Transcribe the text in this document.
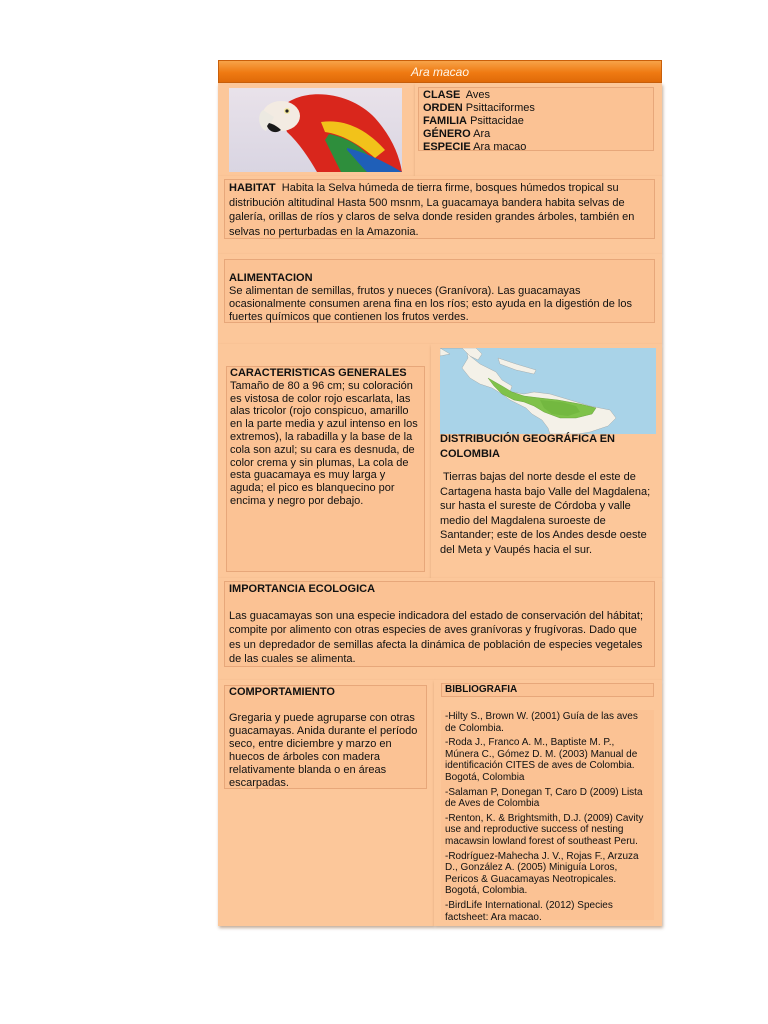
Ara macao
CLASE Aves
ORDEN Psittaciformes
FAMILIA Psittacidae
GÉNERO Ara
ESPECIE Ara macao
HABITAT Habita la Selva húmeda de tierra firme, bosques húmedos tropical su distribución altitudinal Hasta 500 msnm, La guacamaya bandera habita selvas de galería, orillas de ríos y claros de selva donde residen grandes árboles, también en selvas no perturbadas en la Amazonia.
ALIMENTACION
Se alimentan de semillas, frutos y nueces (Granívora). Las guacamayas ocasionalmente consumen arena fina en los ríos; esto ayuda en la digestión de los fuertes químicos que contienen los frutos verdes.
CARACTERISTICAS GENERALES
Tamaño de 80 a 96 cm; su coloración es vistosa de color rojo escarlata, las alas tricolor (rojo conspicuo, amarillo en la parte media y azul intenso en los extremos), la rabadilla y la base de la cola son azul; su cara es desnuda, de color crema y sin plumas, La cola de esta guacamaya es muy larga y aguda; el pico es blanquecino por encima y negro por debajo.
DISTRIBUCIÓN GEOGRÁFICA EN COLOMBIA
Tierras bajas del norte desde el este de Cartagena hasta bajo Valle del Magdalena; sur hasta el sureste de Córdoba y valle medio del Magdalena suroeste de Santander; este de los Andes desde oeste del Meta y Vaupés hacia el sur.
IMPORTANCIA ECOLOGICA
Las guacamayas son una especie indicadora del estado de conservación del hábitat; compite por alimento con otras especies de aves granívoras y frugívoras. Dado que es un depredador de semillas afecta la dinámica de población de especies vegetales de las cuales se alimenta.
COMPORTAMIENTO
Gregaria y puede agruparse con otras guacamayas. Anida durante el período seco, entre diciembre y marzo en huecos de árboles con madera relativamente blanda o en áreas escarpadas.
BIBLIOGRAFIA

-Hilty S., Brown W. (2001) Guía de las aves de Colombia.

-Roda J., Franco A. M., Baptiste M. P., Múnera C., Gómez D. M. (2003) Manual de identificación CITES de aves de Colombia. Bogotá, Colombia

-Salaman P, Donegan T, Caro D (2009) Lista de Aves de Colombia

-Renton, K. & Brightsmith, D.J. (2009) Cavity use and reproductive success of nesting macawsin lowland forest of southeast Peru.

-Rodríguez-Mahecha J. V., Rojas F., Arzuza D., González A. (2005) Miniguía Loros, Pericos & Guacamayas Neotropicales. Bogotá, Colombia.

-BirdLife International. (2012) Species factsheet: Ara macao.
